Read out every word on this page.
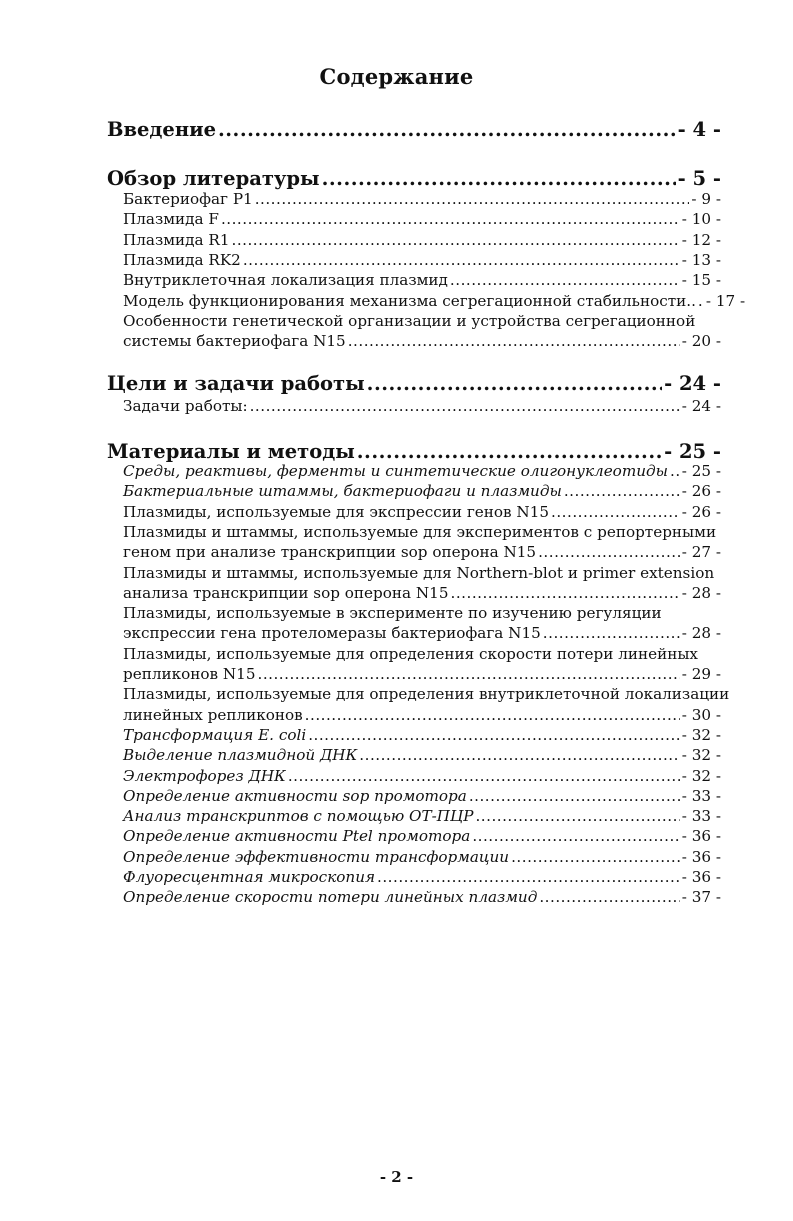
Содержание
Введение .....	- 4 -
Обзор литературы .....	- 5 -
Бактериофаг P1 .....	- 9 -
Плазмида F .....	- 10 -
Плазмида R1 .....	- 12 -
Плазмида RK2 .....	- 13 -
Внутриклеточная локализация плазмид .....	- 15 -
Модель функционирования механизма сегрегационной стабильности.. ..... - 17 -
Особенности генетической организации и устройства сегрегационной
системы бактериофага N15 .....	- 20 -
Цели и задачи работы .....	- 24 -
Задачи работы: .....	- 24 -
Материалы и методы .....	- 25 -
Среды, реактивы, ферменты и синтетические олигонуклеотиды ..... - 25 -
Бактериальные штаммы, бактериофаги и плазмиды .....	- 26 -
Плазмиды, используемые для экспрессии генов N15 .....	- 26 -
Плазмиды и штаммы, используемые для экспериментов с репортерными
геном при анализе транскрипции sop оперона N15 .....	- 27 -
Плазмиды и штаммы, используемые для Northern-blot и primer extension
анализа транскрипции sop оперона N15 .....	- 28 -
Плазмиды, используемые в эксперименте по изучению регуляции
экспрессии гена протеломеразы бактериофага N15 .....	- 28 -
Плазмиды, используемые для определения скорости потери линейных
репликонов N15 .....	- 29 -
Плазмиды, используемые для определения внутриклеточной локализации
линейных репликонов .....	- 30 -
Трансформация E. coli .....	- 32 -
Выделение плазмидной ДНК .....	- 32 -
Электрофорез ДНК .....	- 32 -
Определение активности sop промотора .....	- 33 -
Анализ транскриптов с помощью ОТ-ПЦР .....	- 33 -
Определение активности Ptel промотора .....	- 36 -
Определение эффективности трансформации .....	- 36 -
Флуоресцентная микроскопия .....	- 36 -
Определение скорости потери линейных плазмид .....	- 37 -
- 2 -
